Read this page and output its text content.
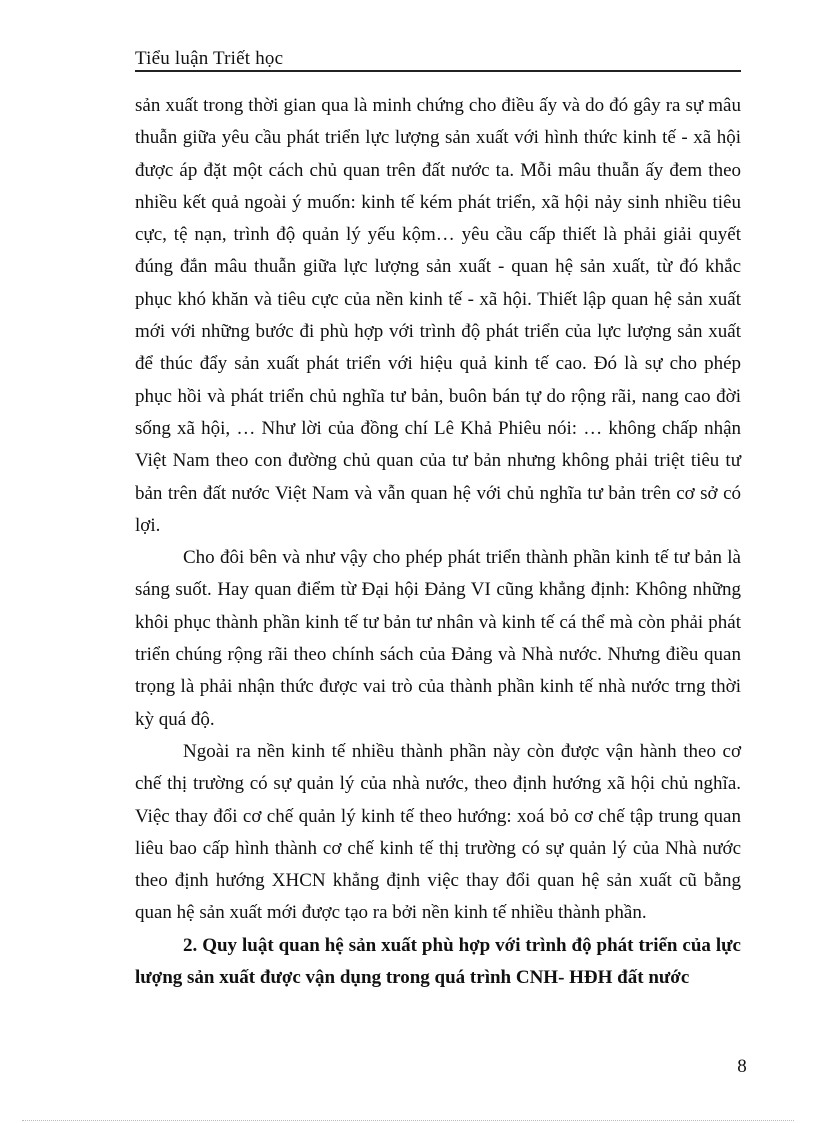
Tiểu luận Triết học

sản xuất trong thời gian qua là minh chứng cho điều ấy và do đó gây ra sự mâu thuẫn giữa yêu cầu phát triển lực lượng sản xuất với hình thức kinh tế - xã hội được áp đặt một cách chủ quan trên đất nước ta. Mỗi mâu thuẫn ấy đem theo nhiều kết quả ngoài ý muốn: kinh tế kém phát triển, xã hội nảy sinh nhiều tiêu cực, tệ nạn, trình độ quản lý yếu kộm… yêu cầu cấp thiết là phải giải quyết đúng đắn mâu thuẫn giữa lực lượng sản xuất - quan hệ sản xuất, từ đó khắc phục khó khăn và tiêu cực của nền kinh tế - xã hội. Thiết lập quan hệ sản xuất mới với những bước đi phù hợp với trình độ phát triển của lực lượng sản xuất để thúc đẩy sản xuất phát triển với hiệu quả kinh tế cao. Đó là sự cho phép phục hồi và phát triển chủ nghĩa tư bản, buôn bán tự do rộng rãi, nang cao đời sống xã hội, … Như lời của đồng chí Lê Khả Phiêu nói: … không chấp nhận Việt Nam theo con đường chủ quan của tư bản nhưng không phải triệt tiêu tư bản trên đất nước Việt Nam và vẫn quan hệ với chủ nghĩa tư bản trên cơ sở có lợi.

Cho đôi bên và như vậy cho phép phát triển thành phần kinh tế tư bản là sáng suốt. Hay quan điểm từ Đại hội Đảng VI cũng khẳng định: Không những khôi phục thành phần kinh tế tư bản tư nhân và kinh tế cá thể mà còn phải phát triển chúng rộng rãi theo chính sách của Đảng và Nhà nước. Nhưng điều quan trọng là phải nhận thức được vai trò của thành phần kinh tế nhà nước trng thời kỳ quá độ.

Ngoài ra nền kinh tế nhiều thành phần này còn được vận hành theo cơ chế thị trường có sự quản lý của nhà nước, theo định hướng xã hội chủ nghĩa. Việc thay đổi cơ chế quản lý kinh tế theo hướng: xoá bỏ cơ chế tập trung quan liêu bao cấp hình thành cơ chế kinh tế thị trường có sự quản lý của Nhà nước theo định hướng XHCN khẳng định việc thay đổi quan hệ sản xuất cũ bằng quan hệ sản xuất mới được tạo ra bởi nền kinh tế nhiều thành phần.

2. Quy luật quan hệ sản xuất phù hợp với trình độ phát triển của lực lượng sản xuất được vận dụng trong quá trình CNH- HĐH đất nước

8
